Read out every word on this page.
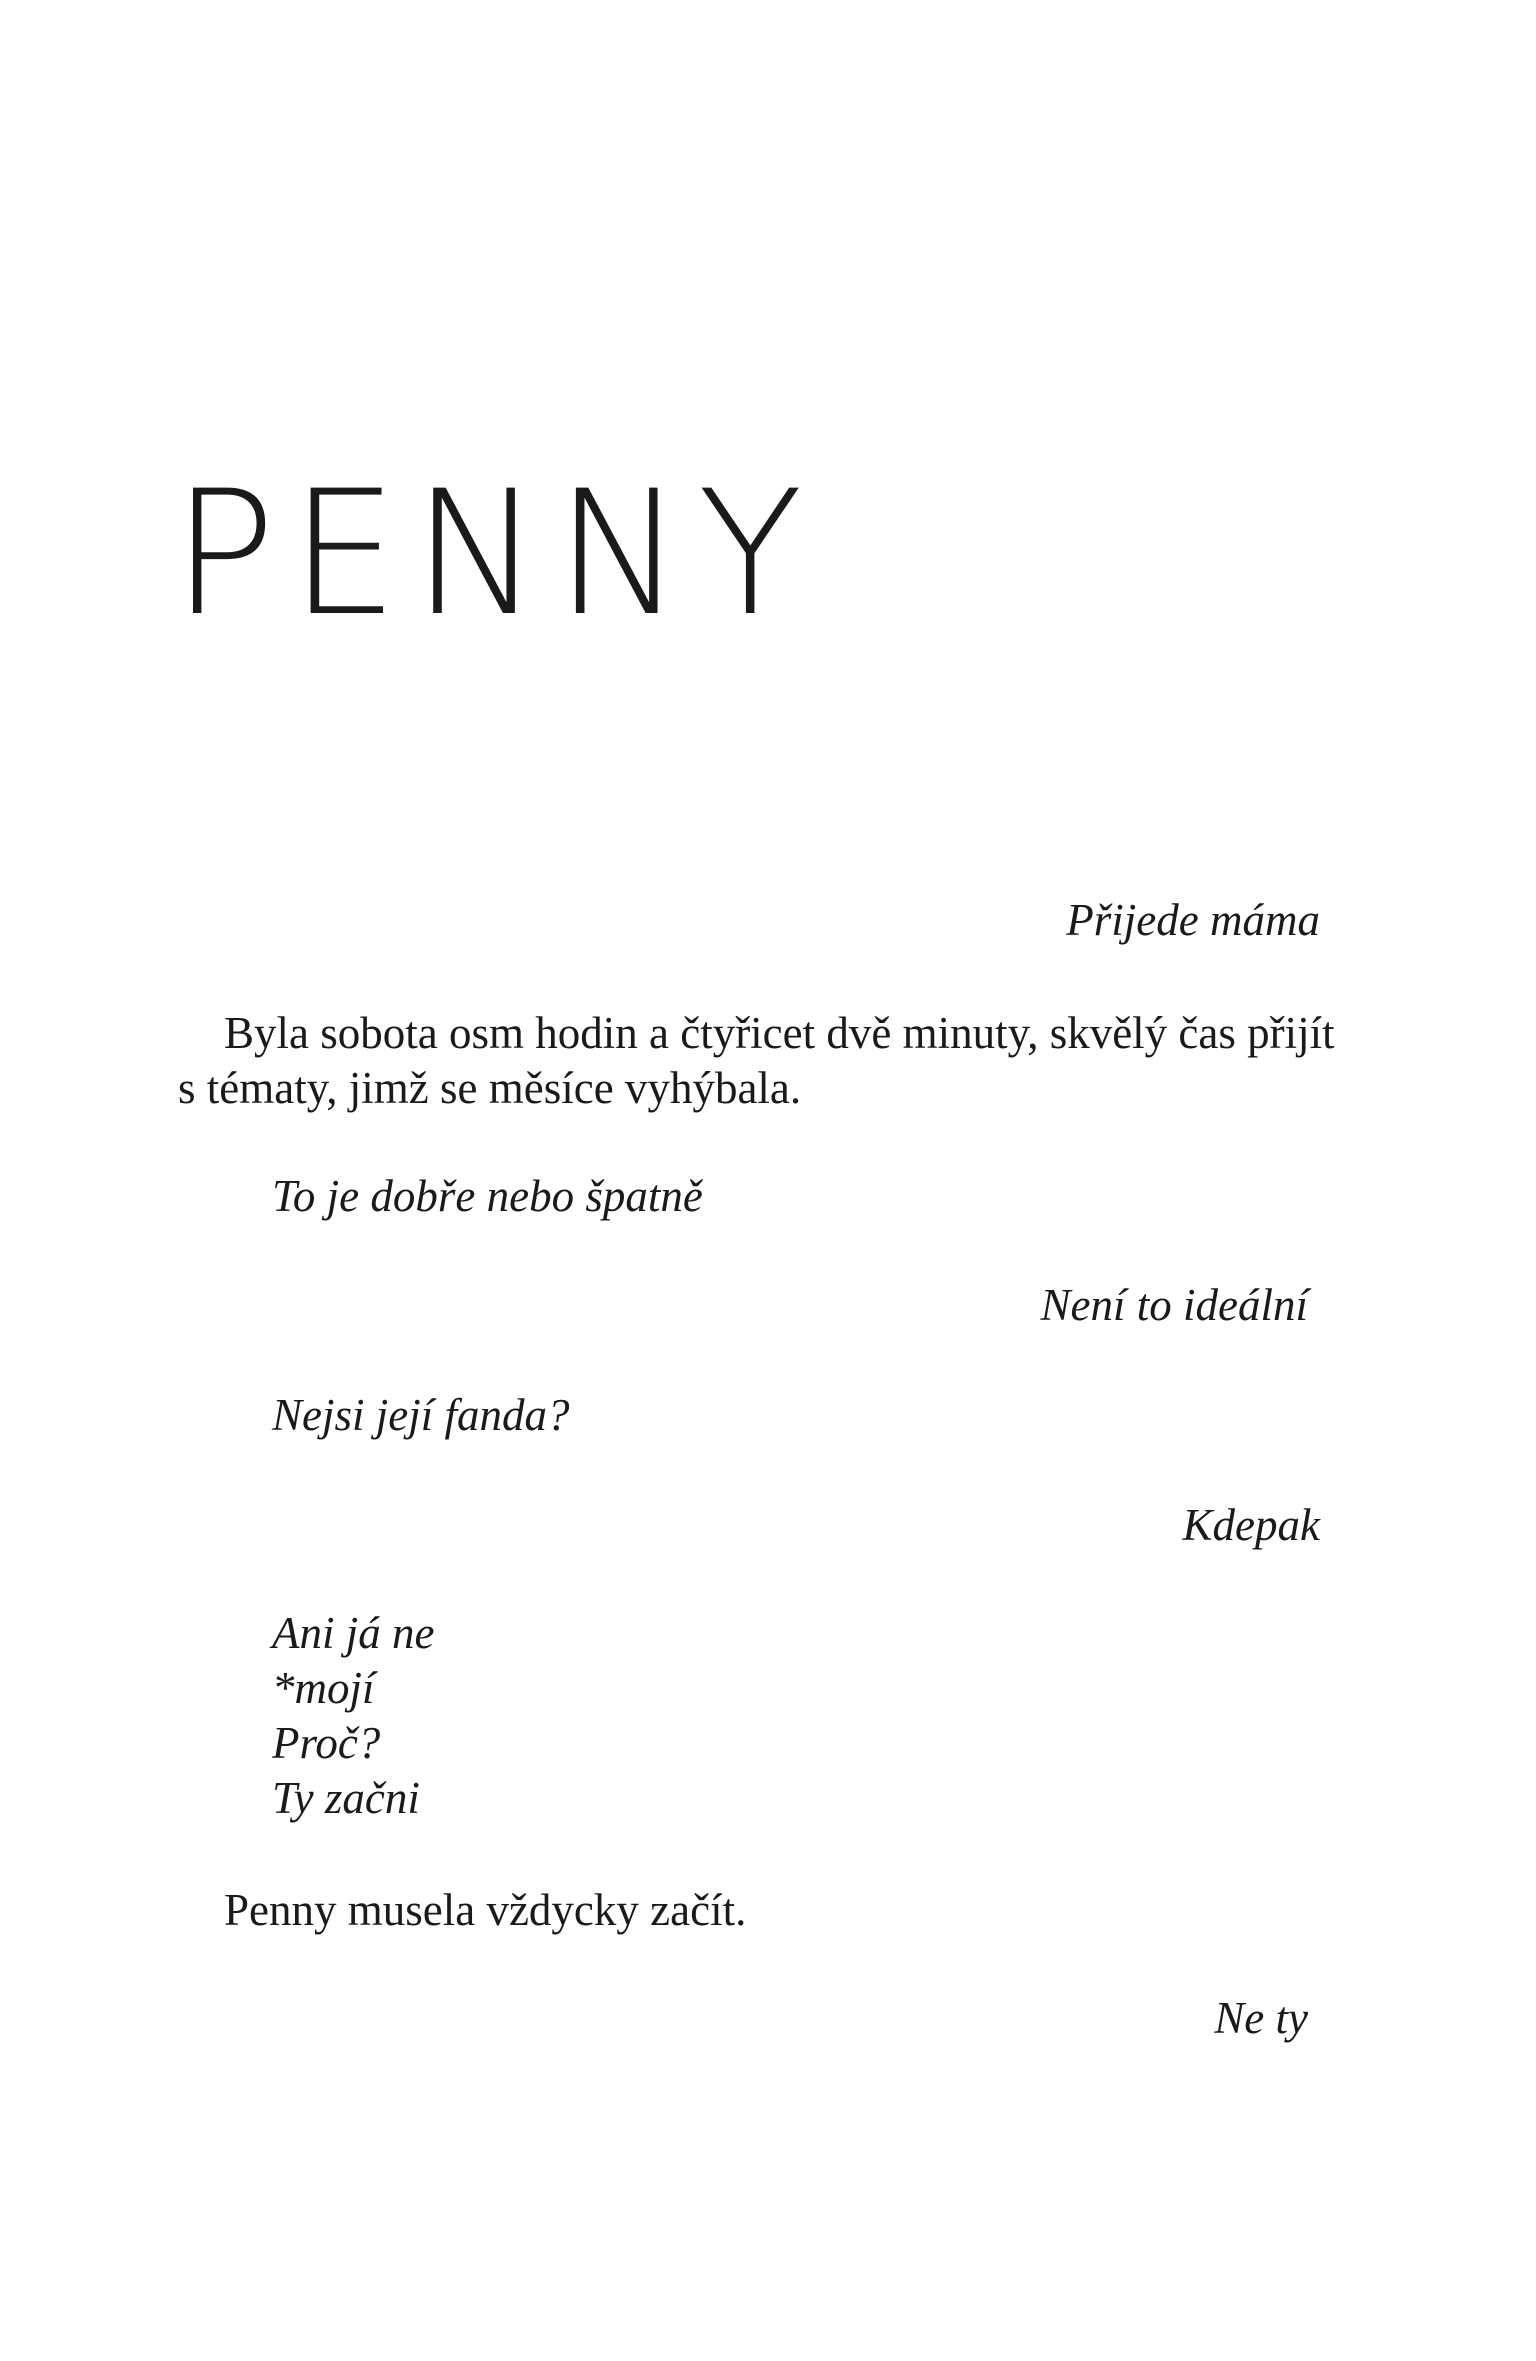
PENNY

Přijede máma

Byla sobota osm hodin a čtyřicet dvě minuty, skvělý čas přijít

s tématy, jimž se měsíce vyhýbala.

To je dobře nebo špatně

Není to ideální

Nejsi její fanda?

Kdepak

Ani já ne

*mojí

Proč?

Ty začni

Penny musela vždycky začít.

Ne ty
